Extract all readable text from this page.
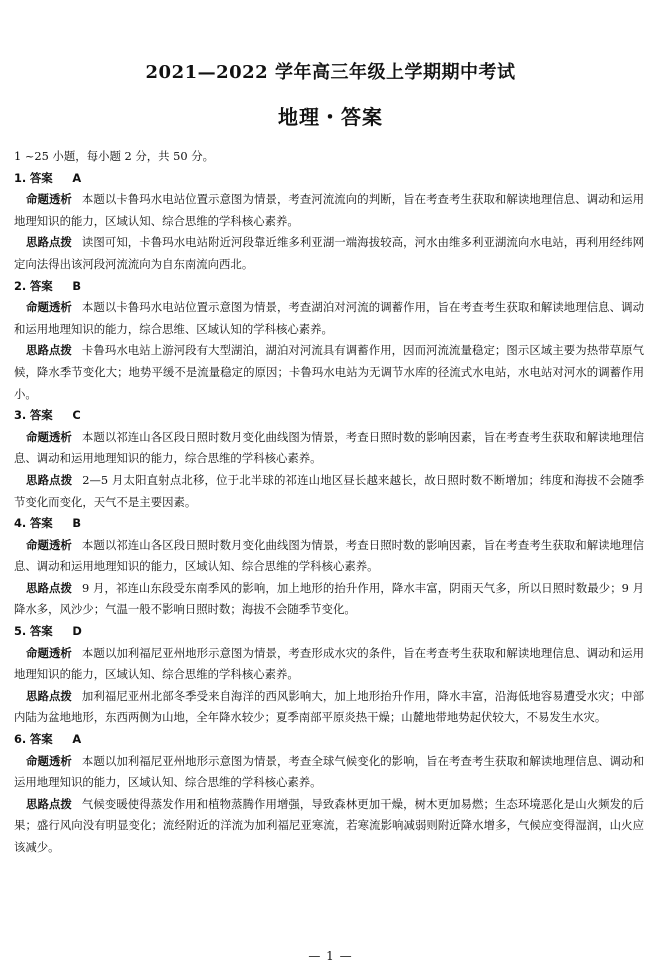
2021—2022 学年高三年级上学期期中考试
地理・答案

1 ~25 小题，每小题 2 分，共 50 分。

1. 答案 A

命题透析 本题以卡鲁玛水电站位置示意图为情景，考查河流流向的判断，旨在考查考生获取和解读地理信息、调动和运用地理知识的能力，区域认知、综合思维的学科核心素养。

思路点拨 读图可知，卡鲁玛水电站附近河段靠近维多利亚湖一端海拔较高，河水由维多利亚湖流向水电站，再利用经纬网定向法得出该河段河流流向为自东南流向西北。

2. 答案 B

命题透析 本题以卡鲁玛水电站位置示意图为情景，考查湖泊对河流的调蓄作用，旨在考查考生获取和解读地理信息、调动和运用地理知识的能力，综合思维、区域认知的学科核心素养。

思路点拨 卡鲁玛水电站上游河段有大型湖泊，湖泊对河流具有调蓄作用，因而河流流量稳定；图示区域主要为热带草原气候，降水季节变化大；地势平缓不是流量稳定的原因；卡鲁玛水电站为无调节水库的径流式水电站，水电站对河水的调蓄作用小。

3. 答案 C

命题透析 本题以祁连山各区段日照时数月变化曲线图为情景，考查日照时数的影响因素，旨在考查考生获取和解读地理信息、调动和运用地理知识的能力，综合思维的学科核心素养。

思路点拨 2—5 月太阳直射点北移，位于北半球的祁连山地区昼长越来越长，故日照时数不断增加；纬度和海拔不会随季节变化而变化，天气不是主要因素。

4. 答案 B

命题透析 本题以祁连山各区段日照时数月变化曲线图为情景，考查日照时数的影响因素，旨在考查考生获取和解读地理信息、调动和运用地理知识的能力，区域认知、综合思维的学科核心素养。

思路点拨 9 月，祁连山东段受东南季风的影响，加上地形的抬升作用，降水丰富，阴雨天气多，所以日照时数最少；9 月降水多，风沙少；气温一般不影响日照时数；海拔不会随季节变化。

5. 答案 D

命题透析 本题以加利福尼亚州地形示意图为情景，考查形成水灾的条件，旨在考查考生获取和解读地理信息、调动和运用地理知识的能力，区域认知、综合思维的学科核心素养。

思路点拨 加利福尼亚州北部冬季受来自海洋的西风影响大，加上地形抬升作用，降水丰富，沿海低地容易遭受水灾；中部内陆为盆地地形，东西两侧为山地，全年降水较少；夏季南部平原炎热干燥；山麓地带地势起伏较大，不易发生水灾。

6. 答案 A

命题透析 本题以加利福尼亚州地形示意图为情景，考查全球气候变化的影响，旨在考查考生获取和解读地理信息、调动和运用地理知识的能力，区域认知、综合思维的学科核心素养。

思路点拨 气候变暖使得蒸发作用和植物蒸腾作用增强，导致森林更加干燥，树木更加易燃；生态环境恶化是山火频发的后果；盛行风向没有明显变化；流经附近的洋流为加利福尼亚寒流，若寒流影响减弱则附近降水增多，气候应变得湿润，山火应该减少。

— 1 —
